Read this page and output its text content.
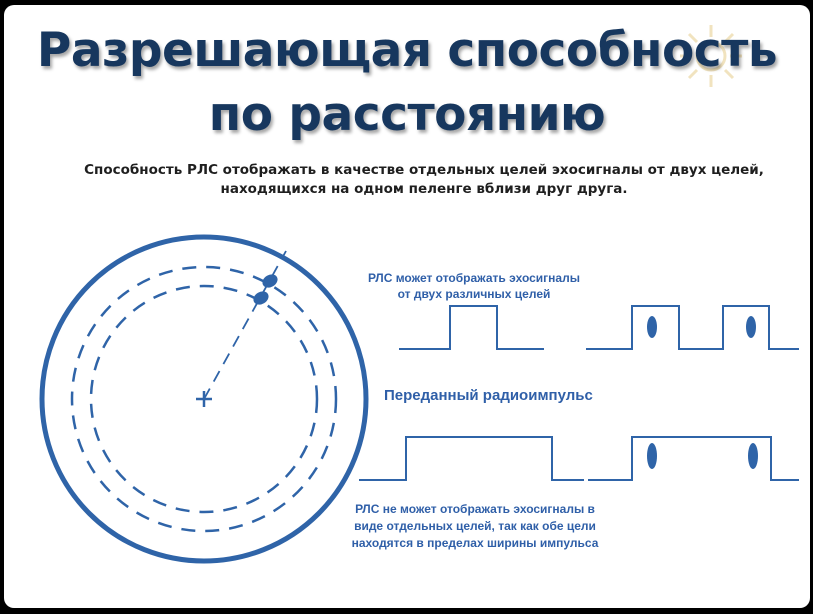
Разрешающая способность
по расстоянию
Способность РЛС отображать в качестве отдельных целей эхосигналы от двух целей,
находящихся на одном пеленге вблизи друг друга.
РЛС может отображать эхосигналы
от двух различных целей
Переданный радиоимпульс
РЛС не может отображать эхосигналы в
виде отдельных целей, так как обе цели
находятся в пределах ширины импульса
